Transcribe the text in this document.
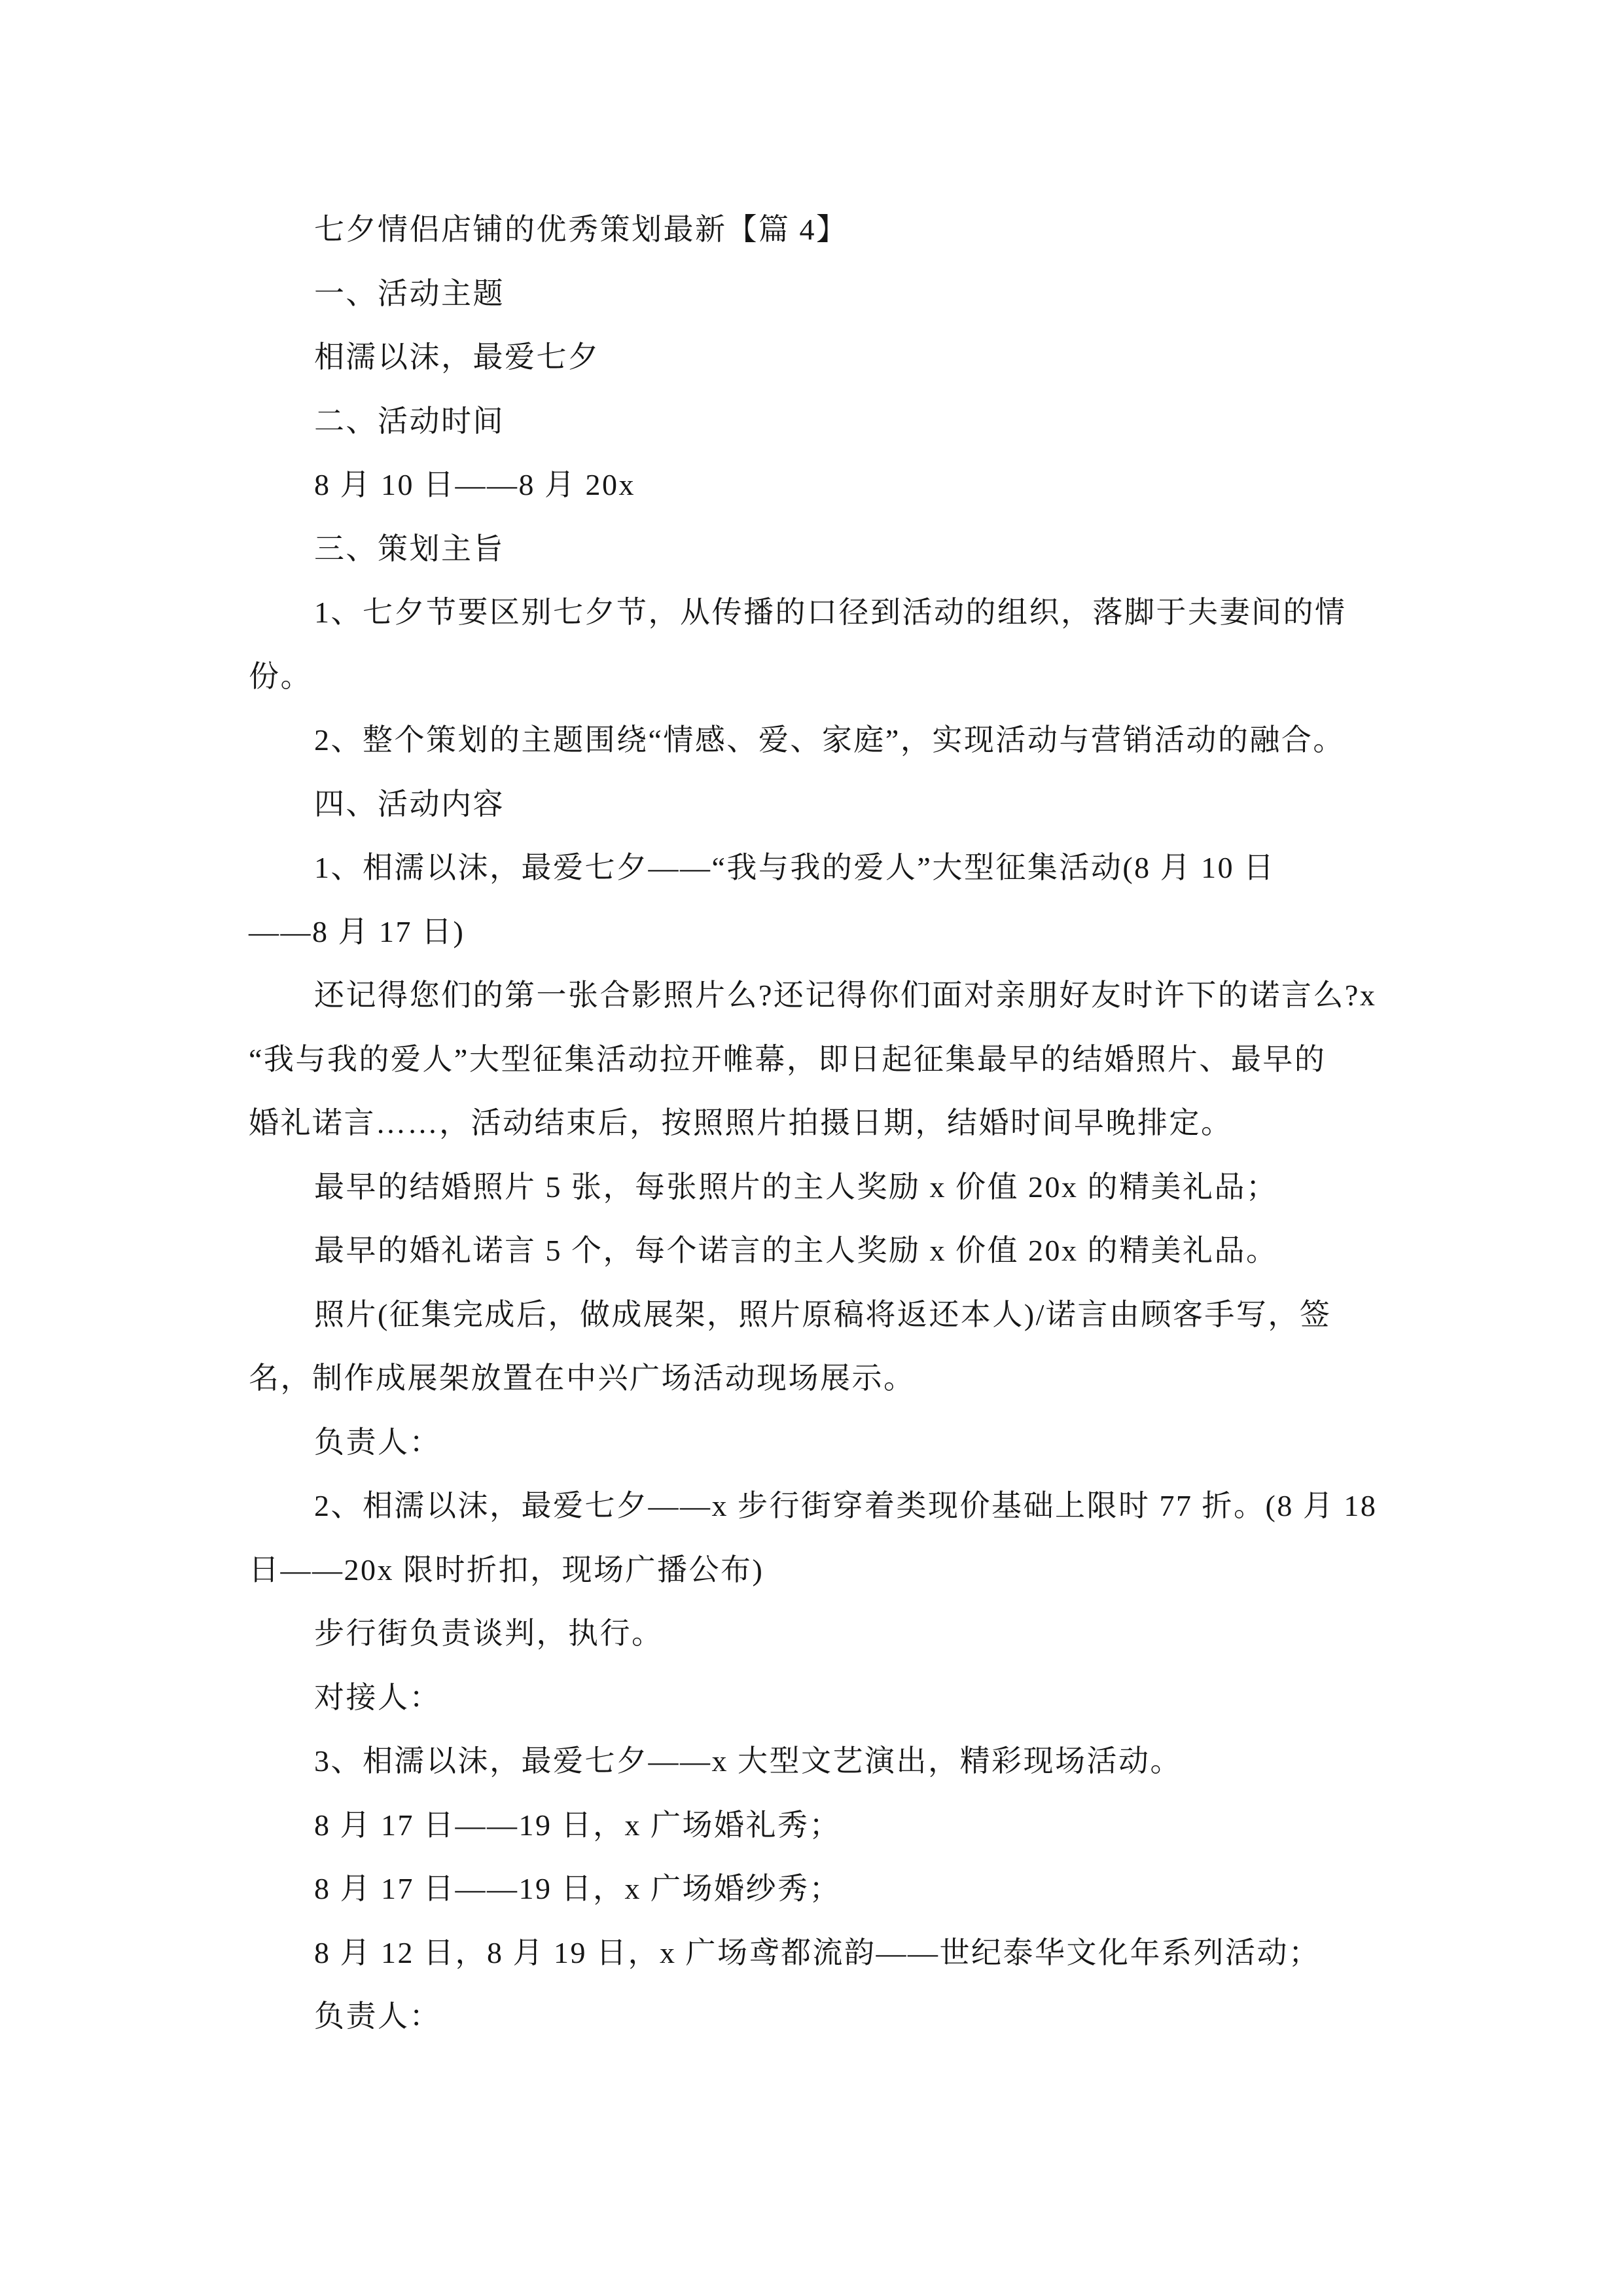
七夕情侣店铺的优秀策划最新【篇 4】
一、活动主题
相濡以沫，最爱七夕
二、活动时间
8 月 10 日——8 月 20x
三、策划主旨
1、七夕节要区别七夕节，从传播的口径到活动的组织，落脚于夫妻间的情
份。
2、整个策划的主题围绕“情感、爱、家庭”，实现活动与营销活动的融合。
四、活动内容
1、相濡以沫，最爱七夕——“我与我的爱人”大型征集活动(8 月 10 日
——8 月 17 日)
还记得您们的第一张合影照片么?还记得你们面对亲朋好友时许下的诺言么?x
“我与我的爱人”大型征集活动拉开帷幕，即日起征集最早的结婚照片、最早的
婚礼诺言……，活动结束后，按照照片拍摄日期，结婚时间早晚排定。
最早的结婚照片 5 张，每张照片的主人奖励 x 价值 20x 的精美礼品；
最早的婚礼诺言 5 个，每个诺言的主人奖励 x 价值 20x 的精美礼品。
照片(征集完成后，做成展架，照片原稿将返还本人)/诺言由顾客手写，签
名，制作成展架放置在中兴广场活动现场展示。
负责人：
2、相濡以沫，最爱七夕——x 步行街穿着类现价基础上限时 77 折。(8 月 18
日——20x 限时折扣，现场广播公布)
步行街负责谈判，执行。
对接人：
3、相濡以沫，最爱七夕——x 大型文艺演出，精彩现场活动。
8 月 17 日——19 日，x 广场婚礼秀；
8 月 17 日——19 日，x 广场婚纱秀；
8 月 12 日，8 月 19 日，x 广场鸢都流韵——世纪泰华文化年系列活动；
负责人：
